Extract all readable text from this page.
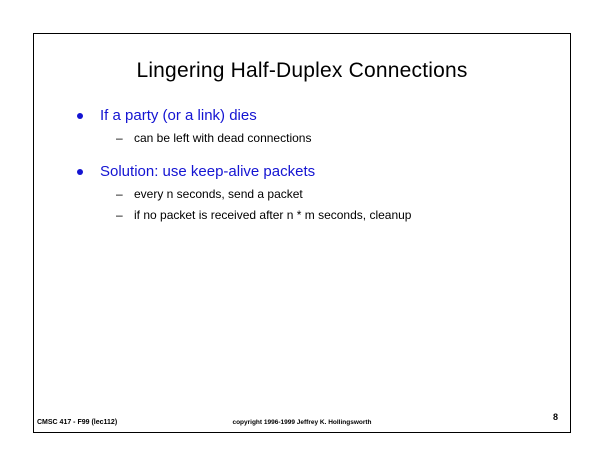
Lingering Half-Duplex Connections
If a party (or a link) dies
– can be left with dead connections
Solution: use keep-alive packets
– every n seconds, send a packet
– if no packet is received after n * m seconds, cleanup
CMSC 417 - F99 (lec112)	copyright 1996-1999 Jeffrey K. Hollingsworth
8
